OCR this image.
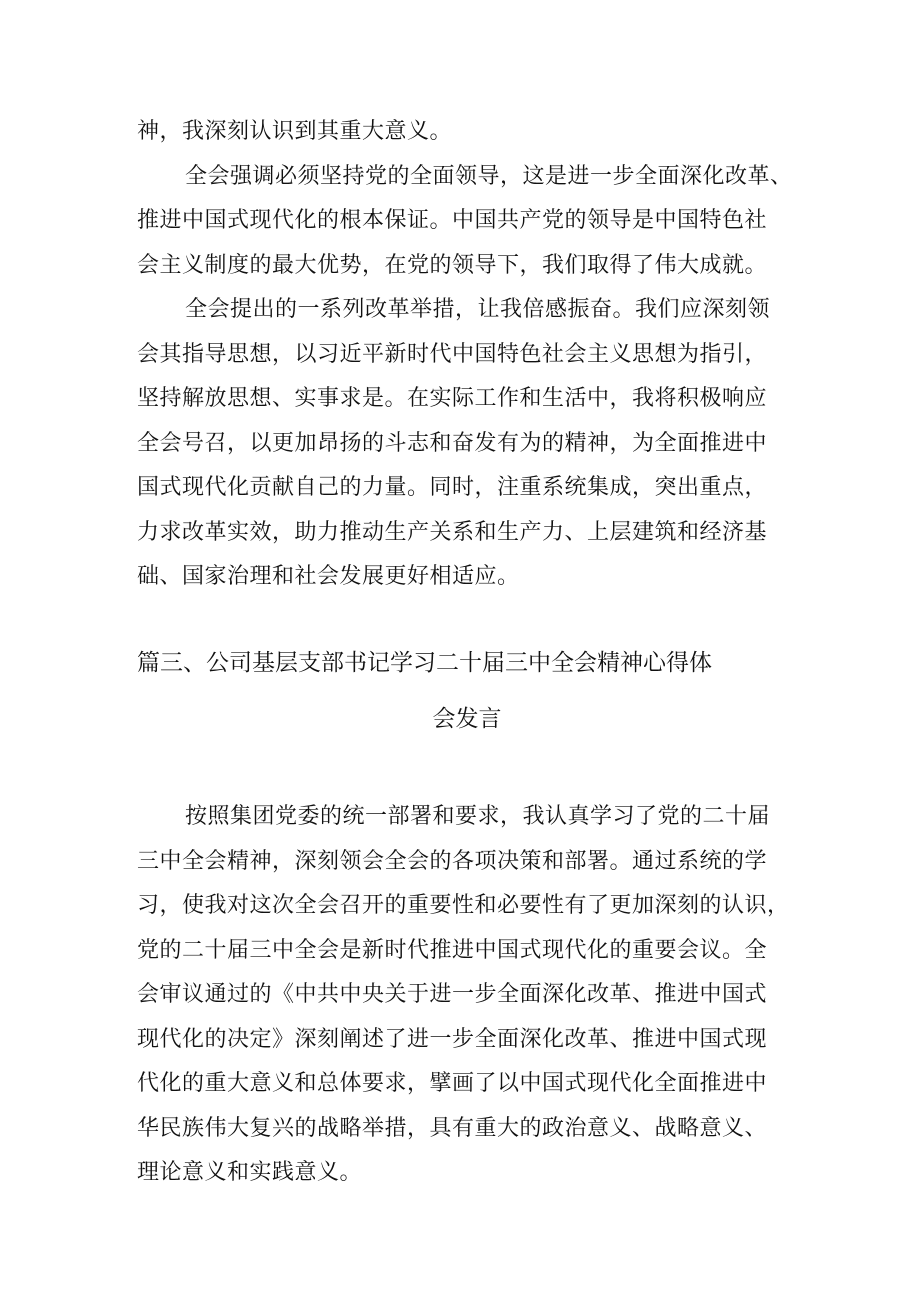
神，我深刻认识到其重大意义。
全会强调必须坚持党的全面领导，这是进一步全面深化改革、
推进中国式现代化的根本保证。中国共产党的领导是中国特色社
会主义制度的最大优势，在党的领导下，我们取得了伟大成就。
全会提出的一系列改革举措，让我倍感振奋。我们应深刻领
会其指导思想，以习近平新时代中国特色社会主义思想为指引，
坚持解放思想、实事求是。在实际工作和生活中，我将积极响应
全会号召，以更加昂扬的斗志和奋发有为的精神，为全面推进中
国式现代化贡献自己的力量。同时，注重系统集成，突出重点，
力求改革实效，助力推动生产关系和生产力、上层建筑和经济基
础、国家治理和社会发展更好相适应。
篇三、公司基层支部书记学习二十届三中全会精神心得体
会发言
按照集团党委的统一部署和要求，我认真学习了党的二十届
三中全会精神，深刻领会全会的各项决策和部署。通过系统的学
习，使我对这次全会召开的重要性和必要性有了更加深刻的认识，
党的二十届三中全会是新时代推进中国式现代化的重要会议。全
会审议通过的《中共中央关于进一步全面深化改革、推进中国式
现代化的决定》深刻阐述了进一步全面深化改革、推进中国式现
代化的重大意义和总体要求，擘画了以中国式现代化全面推进中
华民族伟大复兴的战略举措，具有重大的政治意义、战略意义、
理论意义和实践意义。
